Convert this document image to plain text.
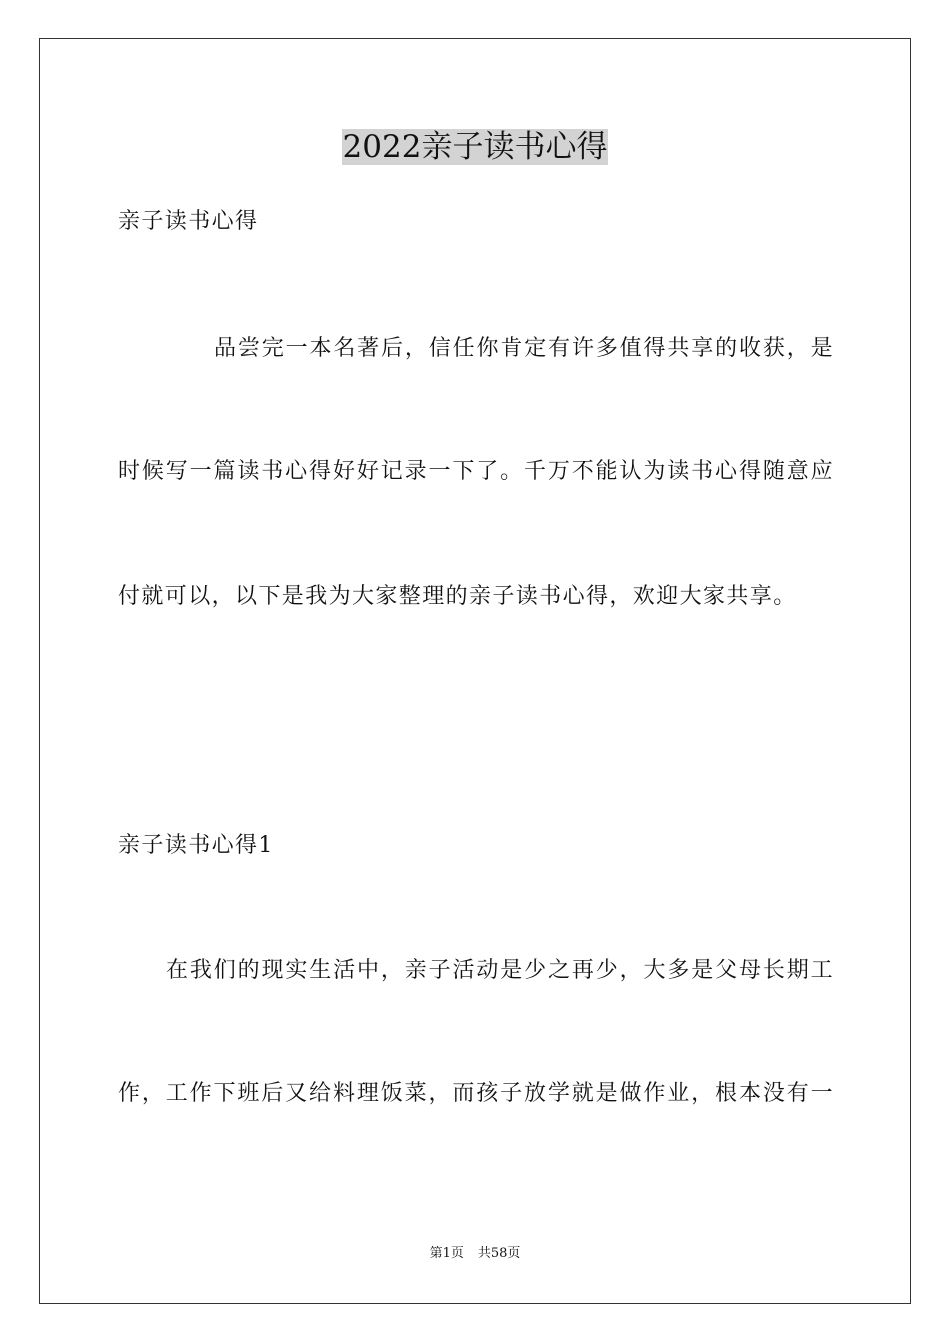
2022亲子读书心得
亲子读书心得
品尝完一本名著后，信任你肯定有许多值得共享的收获，是
时候写一篇读书心得好好记录一下了。千万不能认为读书心得随意应
付就可以，以下是我为大家整理的亲子读书心得，欢迎大家共享。
亲子读书心得1
在我们的现实生活中，亲子活动是少之再少，大多是父母长期工
作，工作下班后又给料理饭菜，而孩子放学就是做作业，根本没有一
第1页 共58页
